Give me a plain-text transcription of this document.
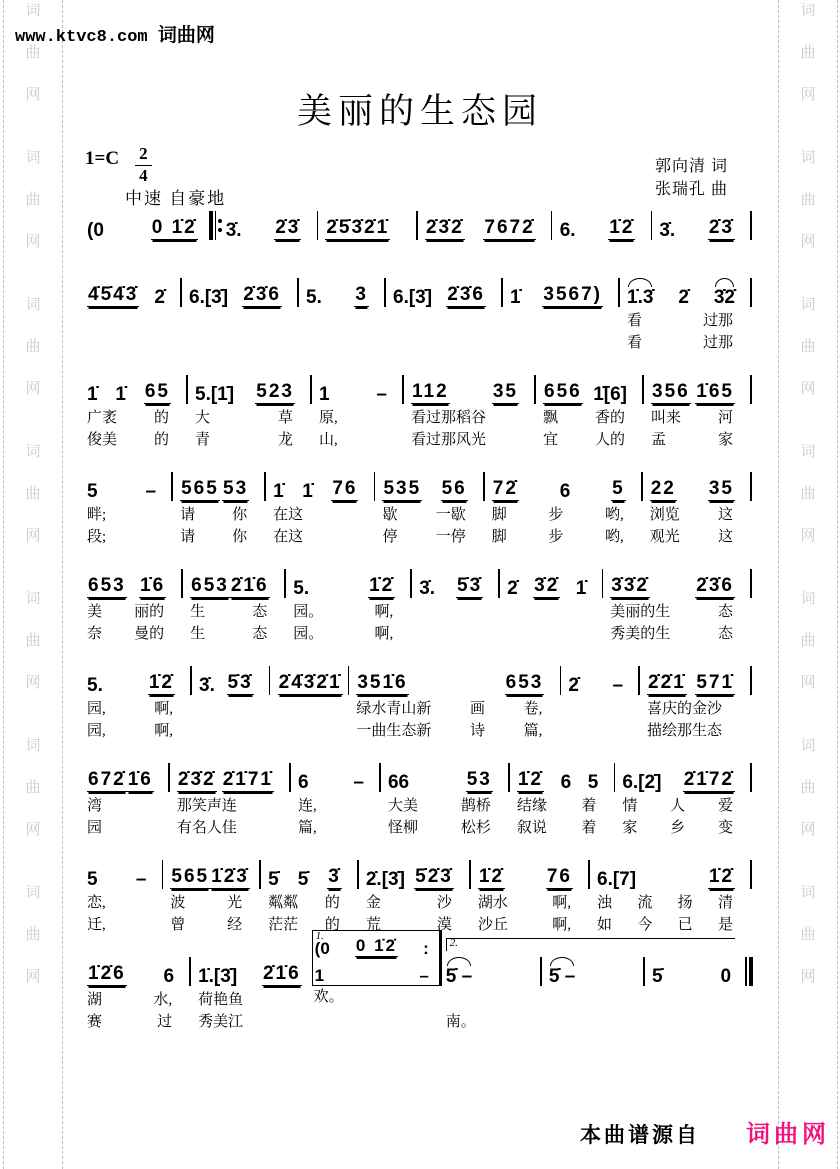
词
曲
网
词
曲
网
词
曲
网
词
曲
网
词
曲
网
词
曲
网
词
曲
网
词
曲
网
词
曲
网
词
曲
网
词
曲
网
词
曲
网
词
曲
网
词
曲
网
www.ktvc8.com 词曲网
美丽的生态园
$1=C \frac{2}{4}$
中速 自豪地
郭向清 词
张瑞孔 曲
(0	0 1̇2̇ 3̇. 2̇3̇ 2̇5̇3̇2̇1̇ 2̇3̇2̇ 7672̇ 6. 1̇2̇ 3̇. 2̇3̇
4̇5̇4̇3̇ 2̇ 6.[3̇] 2̇3̇6 5. 3 6.[3̇] 2̇3̇6 1̇ 3567) 1̇.3̇ 2̇ 3̇2̇
看	过那
看	过那
1̇ 1̇ 65
广袤 的
俊美 的
5.[1̇] 523
大	草
青	龙
1 –
原,
山,
112 35
看过那稻谷
看过那风光
656 1̇[6]
飘 香的
宜 人的
356 1̇65
叫来 河
孟	家
5	–
畔;
段;
565 53
请 你
请 你
1̇ 1̇ 76
在这
在这
535 56
歇	一歇
停	一停
72̇ 6 5
脚	步	哟,
脚	步	哟,
22 35
浏览	这
观光	这
653 1̇6
美 丽的
奈 曼的
653 2̇1̇6
生	态
生	态
5.	1̇2̇
园。	啊,
园。	啊,
3̇. 5̇3̇ 2̇ 3̇2̇ 1̇ 3̇3̇2̇ 2̇3̇6
美丽的生	态
秀美的生	态
5. 1̇2̇
园,	啊,
园,	啊,
3̇. 5̇3̇ 2̇4̇3̇2̇1̇ 351̇6	653
绿水青山新	画	卷,
一曲生态新	诗	篇,
2̇ – 2̇2̇1̇ 571̇
喜庆的金沙
描绘那生态
672̇ 1̇6
湾
园
2̇3̇2̇ 2̇1̇71̇
那笑声连
有名人佳
6 –
连,
篇,
66	53
大美	鹊桥
怪柳	松杉
1̇2̇ 6 5
结缘 着
叙说 着
6.[2̇] 2̇1̇72̇
情 人 爱
家 乡 变
5 –
恋,
迁,
565 1̇2̇3̇
波	光
曾	经
5̇ 5̇ 3̇
粼粼 的
茫茫 的
2̇.[3̇] 5̇2̇3̇
金	沙
荒	漠
1̇2̇ 76
湖水	啊,
沙丘	啊,
6.[7]	1̇2̇
浊 流 扬 清
如 今 已 是
1̇2̇6 6
湖	水,
赛	过
1̇.[3̇] 2̇1̇6
荷艳鱼
秀美江
1.
(0 0 1̇2̇ :
1	–
欢。
2.
5̇ –
南。
5̇ –	5̇	0
本曲谱源自 词曲网
